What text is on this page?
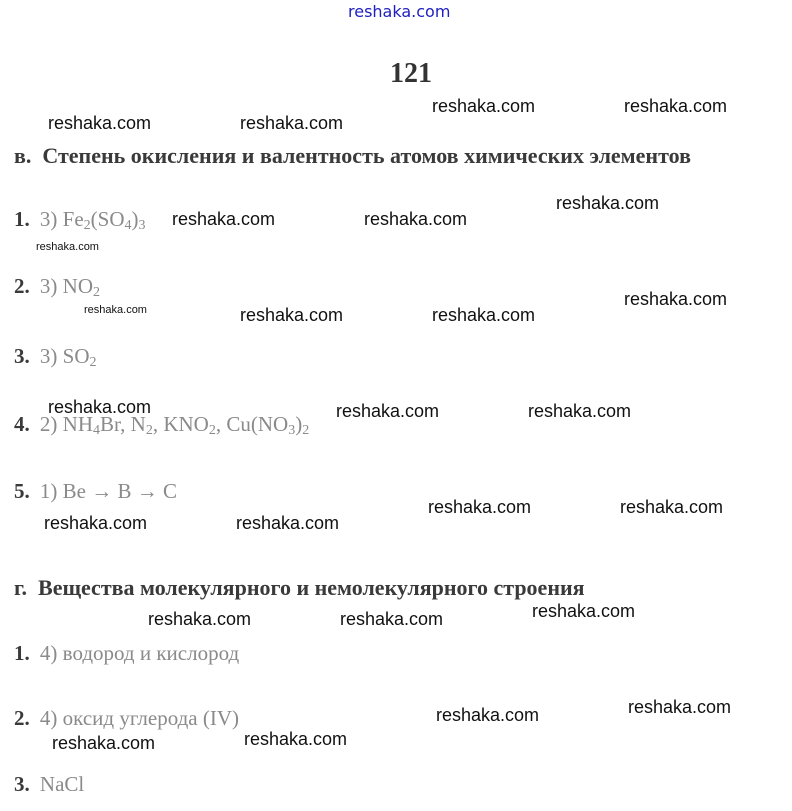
reshaka.com
121
в. Степень окисления и валентность атомов химических элементов
1. 3) $Fe_2(SO_4)_3$
2. 3) $NO_2$
3. 3) $SO_2$
4. 2) $NH_4Br$, $N_2$, $KNO_2$, $Cu(NO_3)_2$
5. 1) Be → B → C
г. Вещества молекулярного и немолекулярного строения
1. 4) водород и кислород
2. 4) оксид углерода (IV)
3. NaCl
reshaka.com	reshaka.com
reshaka.com	reshaka.com
reshaka.com
reshaka.com	reshaka.com
reshaka.com
reshaka.com
reshaka.com	reshaka.com	reshaka.com
reshaka.com	reshaka.com	reshaka.com
reshaka.com	reshaka.com
reshaka.com	reshaka.com
reshaka.com
reshaka.com	reshaka.com
reshaka.com
reshaka.com
reshaka.com	reshaka.com
